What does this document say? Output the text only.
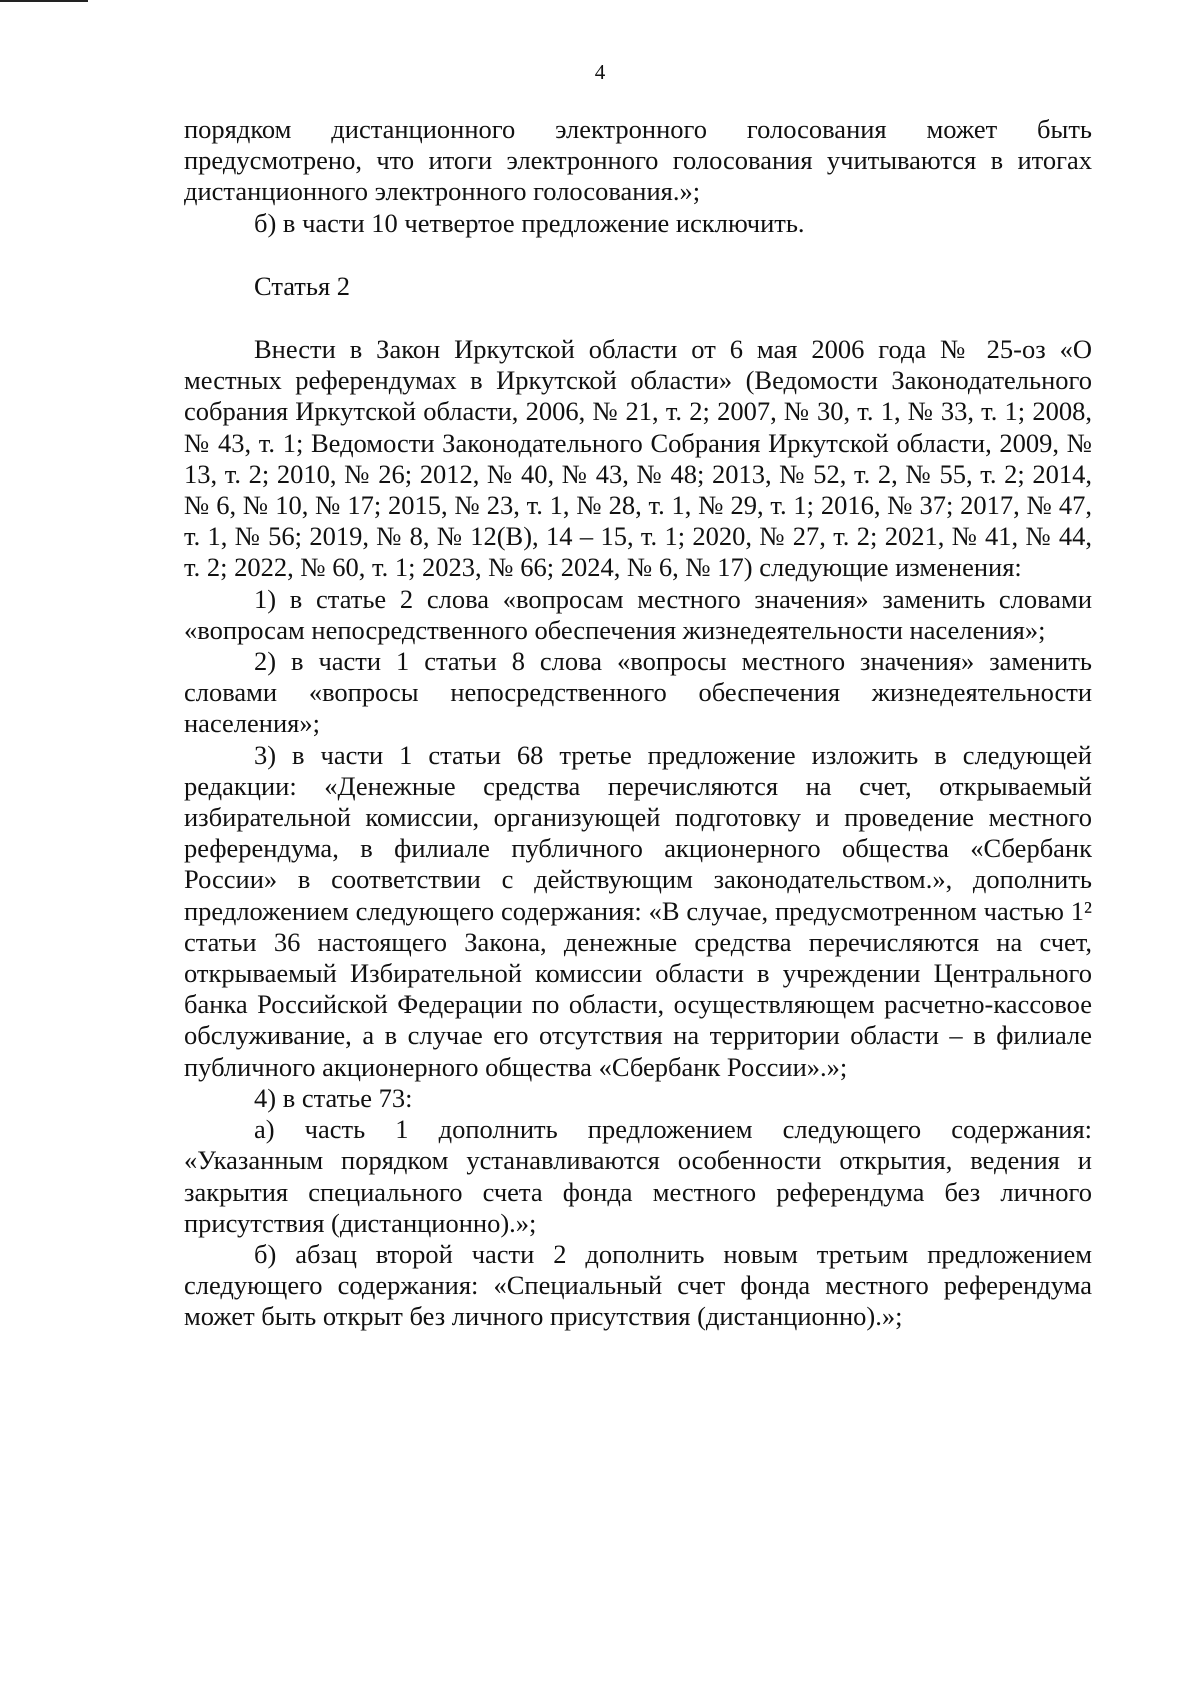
4

порядком дистанционного электронного голосования может быть предусмотрено, что итоги электронного голосования учитываются в итогах дистанционного электронного голосования.»;

б) в части 10 четвертое предложение исключить.

Статья 2

Внести в Закон Иркутской области от 6 мая 2006 года № 25-оз «О местных референдумах в Иркутской области» (Ведомости Законодательного собрания Иркутской области, 2006, № 21, т. 2; 2007, № 30, т. 1, № 33, т. 1; 2008, № 43, т. 1; Ведомости Законодательного Собрания Иркутской области, 2009, № 13, т. 2; 2010, № 26; 2012, № 40, № 43, № 48; 2013, № 52, т. 2, № 55, т. 2; 2014, № 6, № 10, № 17; 2015, № 23, т. 1, № 28, т. 1, № 29, т. 1; 2016, № 37; 2017, № 47, т. 1, № 56; 2019, № 8, № 12(В), 14 – 15, т. 1; 2020, № 27, т. 2; 2021, № 41, № 44, т. 2; 2022, № 60, т. 1; 2023, № 66; 2024, № 6, № 17) следующие изменения:

1) в статье 2 слова «вопросам местного значения» заменить словами «вопросам непосредственного обеспечения жизнедеятельности населения»;

2) в части 1 статьи 8 слова «вопросы местного значения» заменить словами «вопросы непосредственного обеспечения жизнедеятельности населения»;

3) в части 1 статьи 68 третье предложение изложить в следующей редакции: «Денежные средства перечисляются на счет, открываемый избирательной комиссии, организующей подготовку и проведение местного референдума, в филиале публичного акционерного общества «Сбербанк России» в соответствии с действующим законодательством.», дополнить предложением следующего содержания: «В случае, предусмотренном частью 1² статьи 36 настоящего Закона, денежные средства перечисляются на счет, открываемый Избирательной комиссии области в учреждении Центрального банка Российской Федерации по области, осуществляющем расчетно-кассовое обслуживание, а в случае его отсутствия на территории области – в филиале публичного акционерного общества «Сбербанк России».»;

4) в статье 73:

а) часть 1 дополнить предложением следующего содержания: «Указанным порядком устанавливаются особенности открытия, ведения и закрытия специального счета фонда местного референдума без личного присутствия (дистанционно).»;

б) абзац второй части 2 дополнить новым третьим предложением следующего содержания: «Специальный счет фонда местного референдума может быть открыт без личного присутствия (дистанционно).»;
